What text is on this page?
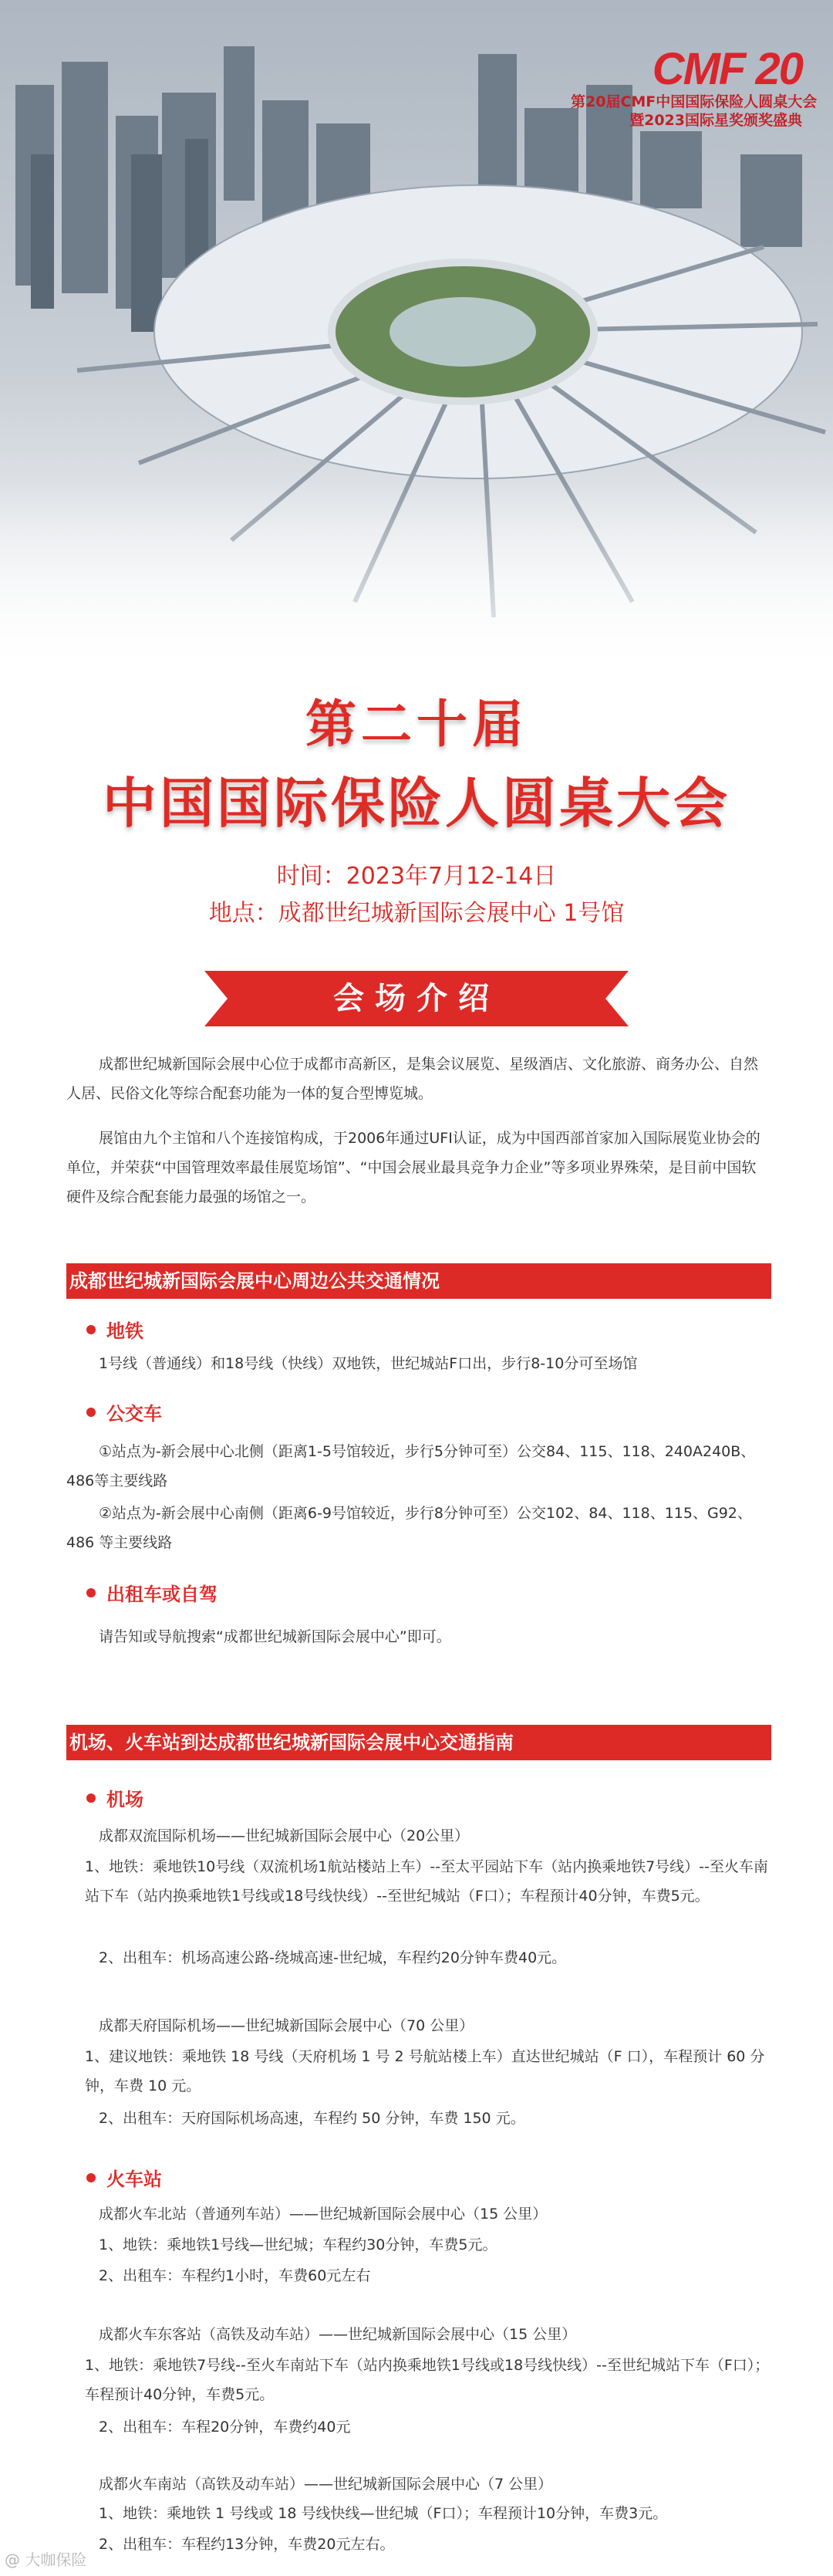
CMF 20
第20届CMF中国国际保险人圆桌大会
暨2023国际星奖颁奖盛典
第二十届
中国国际保险人圆桌大会
时间：2023年7月12-14日
地点：成都世纪城新国际会展中心 1号馆
会场介绍
成都世纪城新国际会展中心位于成都市高新区，是集会议展览、星级酒店、文化旅游、商务办公、自然人居、民俗文化等综合配套功能为一体的复合型博览城。
展馆由九个主馆和八个连接馆构成，于2006年通过UFI认证，成为中国西部首家加入国际展览业协会的单位，并荣获“中国管理效率最佳展览场馆”、“中国会展业最具竞争力企业”等多项业界殊荣，是目前中国软硬件及综合配套能力最强的场馆之一。
成都世纪城新国际会展中心周边公共交通情况
地铁
1号线（普通线）和18号线（快线）双地铁，世纪城站F口出，步行8-10分可至场馆
公交车
①站点为-新会展中心北侧（距离1-5号馆较近，步行5分钟可至）公交84、115、118、240A240B、486等主要线路
②站点为-新会展中心南侧（距离6-9号馆较近，步行8分钟可至）公交102、84、118、115、G92、486 等主要线路
出租车或自驾
请告知或导航搜索“成都世纪城新国际会展中心”即可。
机场、火车站到达成都世纪城新国际会展中心交通指南
机场
成都双流国际机场——世纪城新国际会展中心（20公里）
1、地铁：乘地铁10号线（双流机场1航站楼站上车）--至太平园站下车（站内换乘地铁7号线）--至火车南站下车（站内换乘地铁1号线或18号线快线）--至世纪城站（F口）；车程预计40分钟，车费5元。
2、出租车：机场高速公路-绕城高速-世纪城，车程约20分钟车费40元。
成都天府国际机场——世纪城新国际会展中心（70 公里）
1、建议地铁：乘地铁 18 号线（天府机场 1 号 2 号航站楼上车）直达世纪城站（F 口），车程预计 60 分钟，车费 10 元。
2、出租车：天府国际机场高速，车程约 50 分钟，车费 150 元。
火车站
成都火车北站（普通列车站）——世纪城新国际会展中心（15 公里）
1、地铁：乘地铁1号线—世纪城；车程约30分钟，车费5元。
2、出租车：车程约1小时，车费60元左右
成都火车东客站（高铁及动车站）——世纪城新国际会展中心（15 公里）
1、地铁：乘地铁7号线--至火车南站下车（站内换乘地铁1号线或18号线快线）--至世纪城站下车（F口）；车程预计40分钟，车费5元。
2、出租车：车程20分钟，车费约40元
成都火车南站（高铁及动车站）——世纪城新国际会展中心（7 公里）
1、地铁：乘地铁 1 号线或 18 号线快线—世纪城（F口）；车程预计10分钟，车费3元。
2、出租车：车程约13分钟，车费20元左右。
@ 大咖保险
